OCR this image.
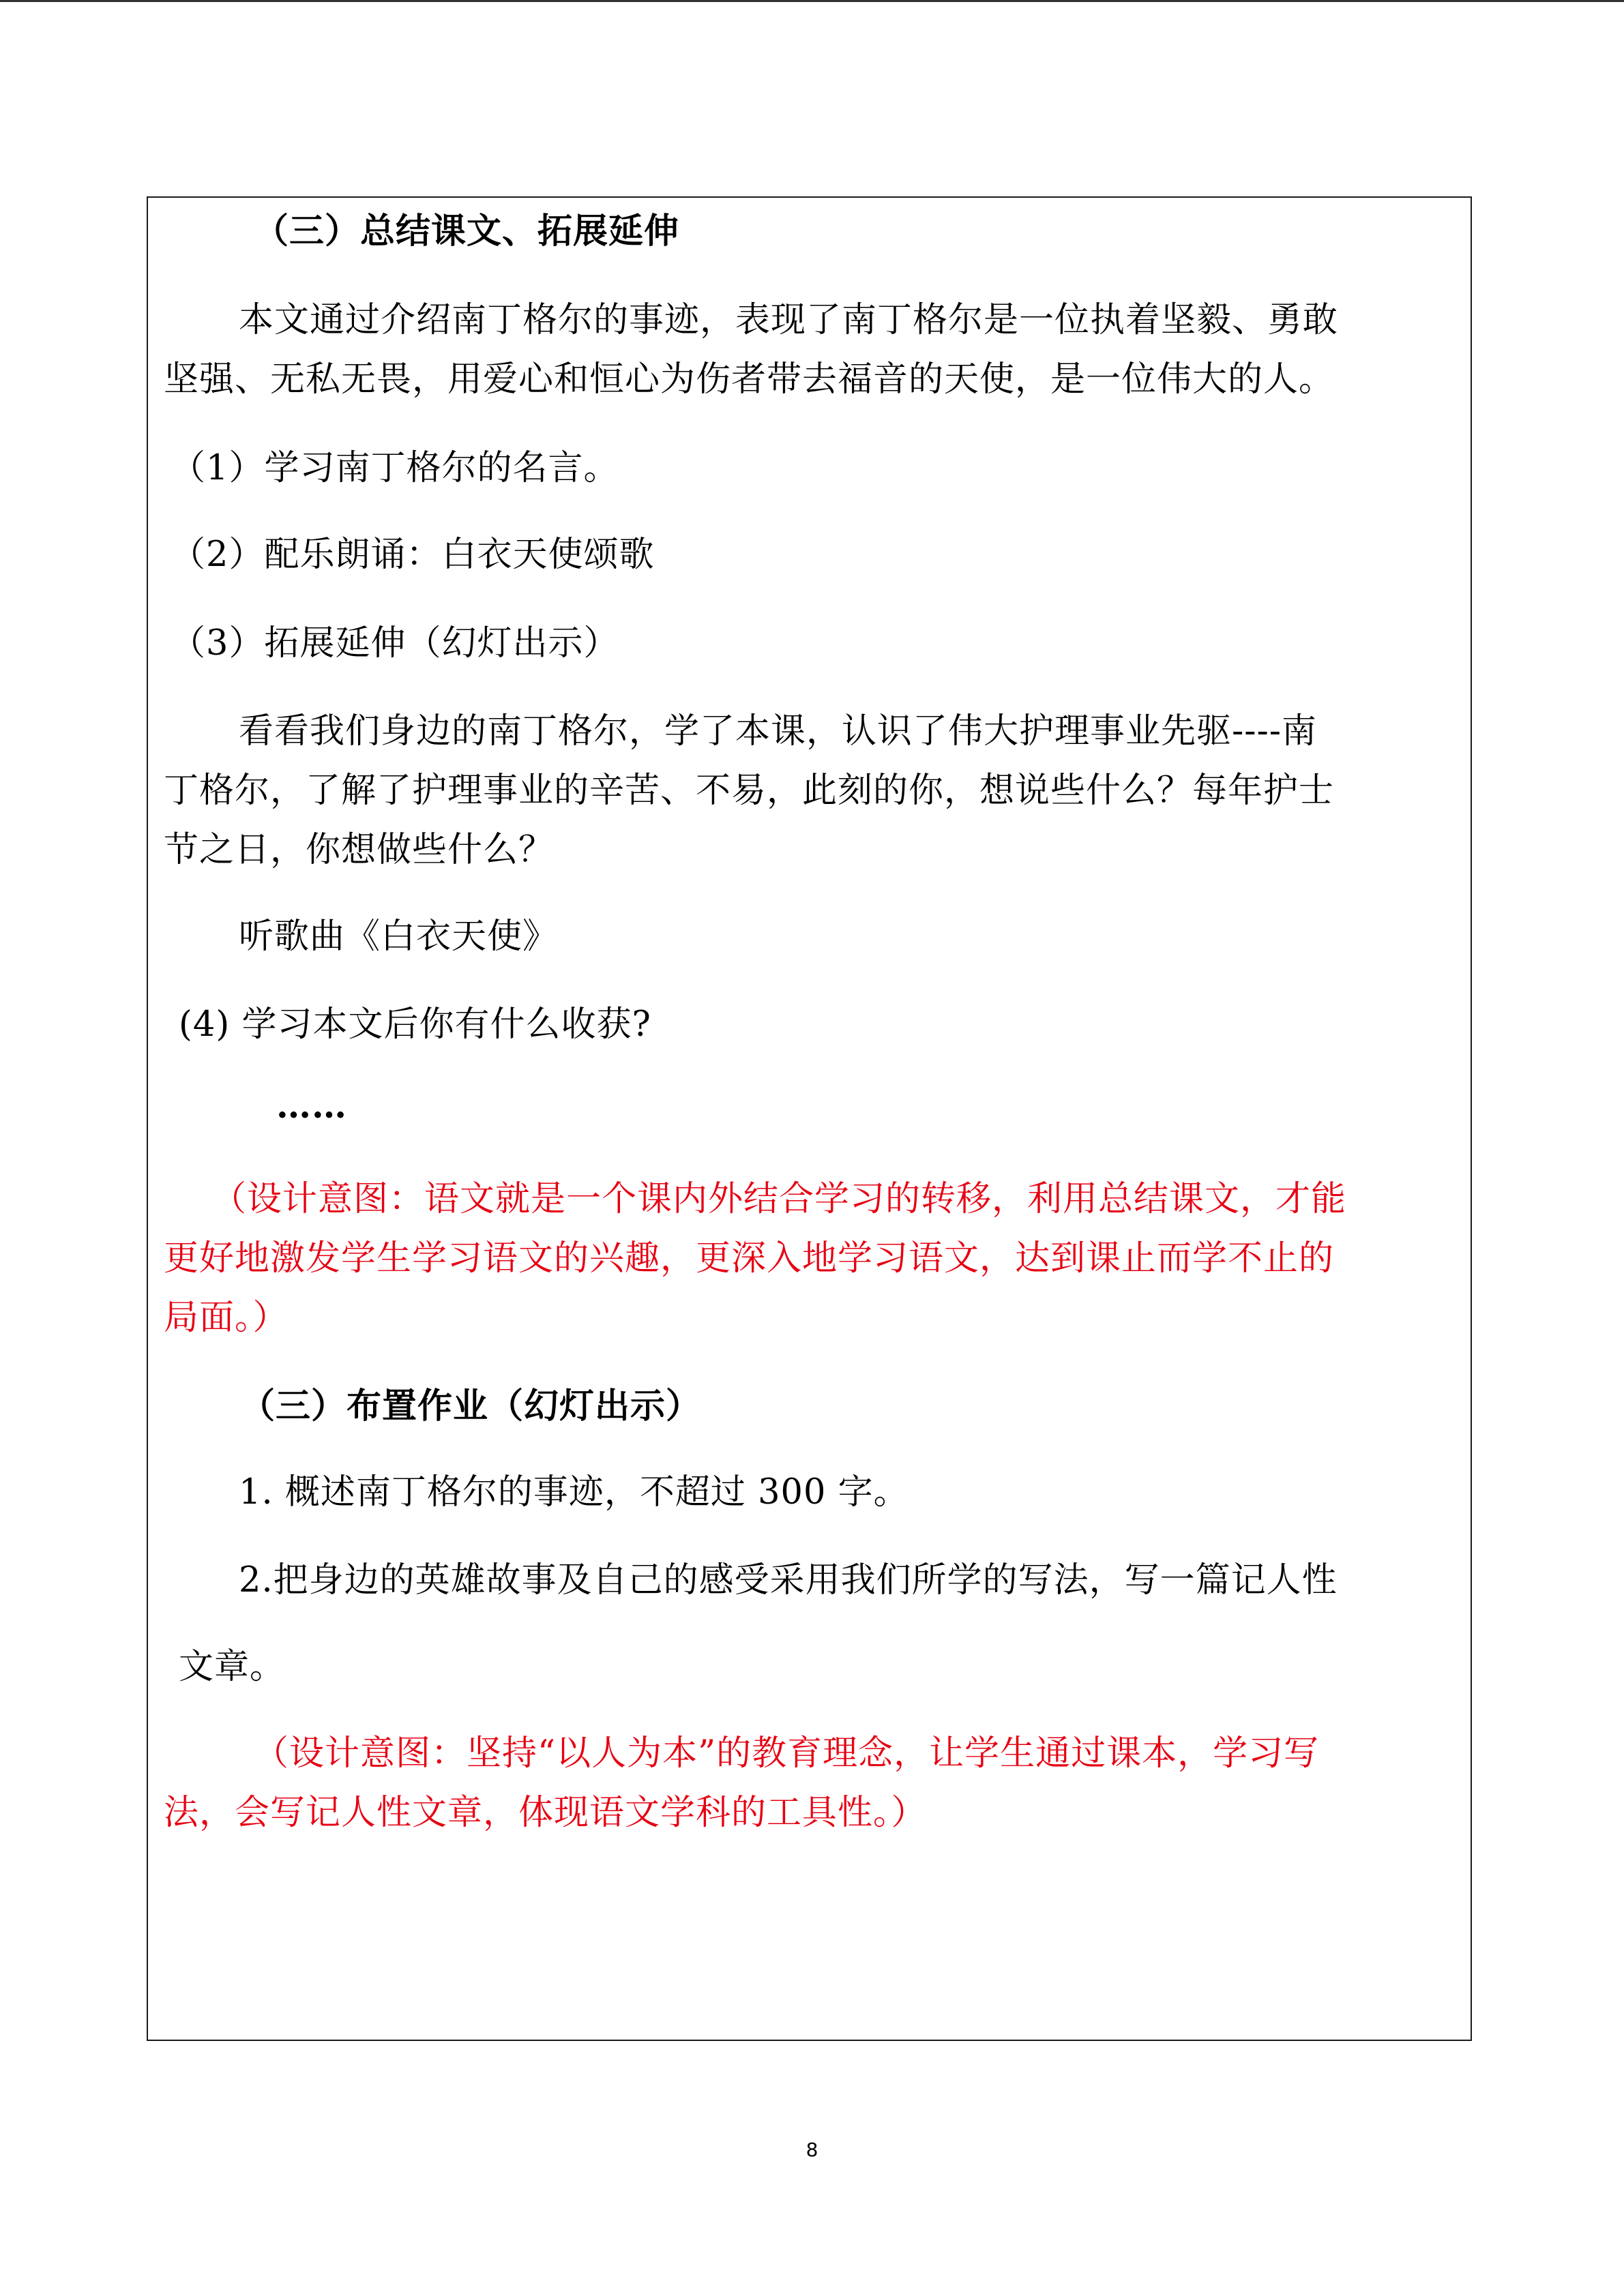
（三）总结课文、拓展延伸
本文通过介绍南丁格尔的事迹，表现了南丁格尔是一位执着坚毅、勇敢
坚强、无私无畏，用爱心和恒心为伤者带去福音的天使，是一位伟大的人。
（1）学习南丁格尔的名言。
（2）配乐朗诵：白衣天使颂歌
（3）拓展延伸（幻灯出示）
看看我们身边的南丁格尔，学了本课，认识了伟大护理事业先驱----南
丁格尔，了解了护理事业的辛苦、不易，此刻的你，想说些什么？每年护士
节之日，你想做些什么？
听歌曲《白衣天使》
(4) 学习本文后你有什么收获?
……
（设计意图：语文就是一个课内外结合学习的转移，利用总结课文，才能
更好地激发学生学习语文的兴趣，更深入地学习语文，达到课止而学不止的
局面。）
（三）布置作业（幻灯出示）
1. 概述南丁格尔的事迹，不超过 300 字。
2.把身边的英雄故事及自己的感受采用我们所学的写法，写一篇记人性
文章。
（设计意图：坚持“以人为本”的教育理念，让学生通过课本，学习写
法，会写记人性文章，体现语文学科的工具性。）
8
